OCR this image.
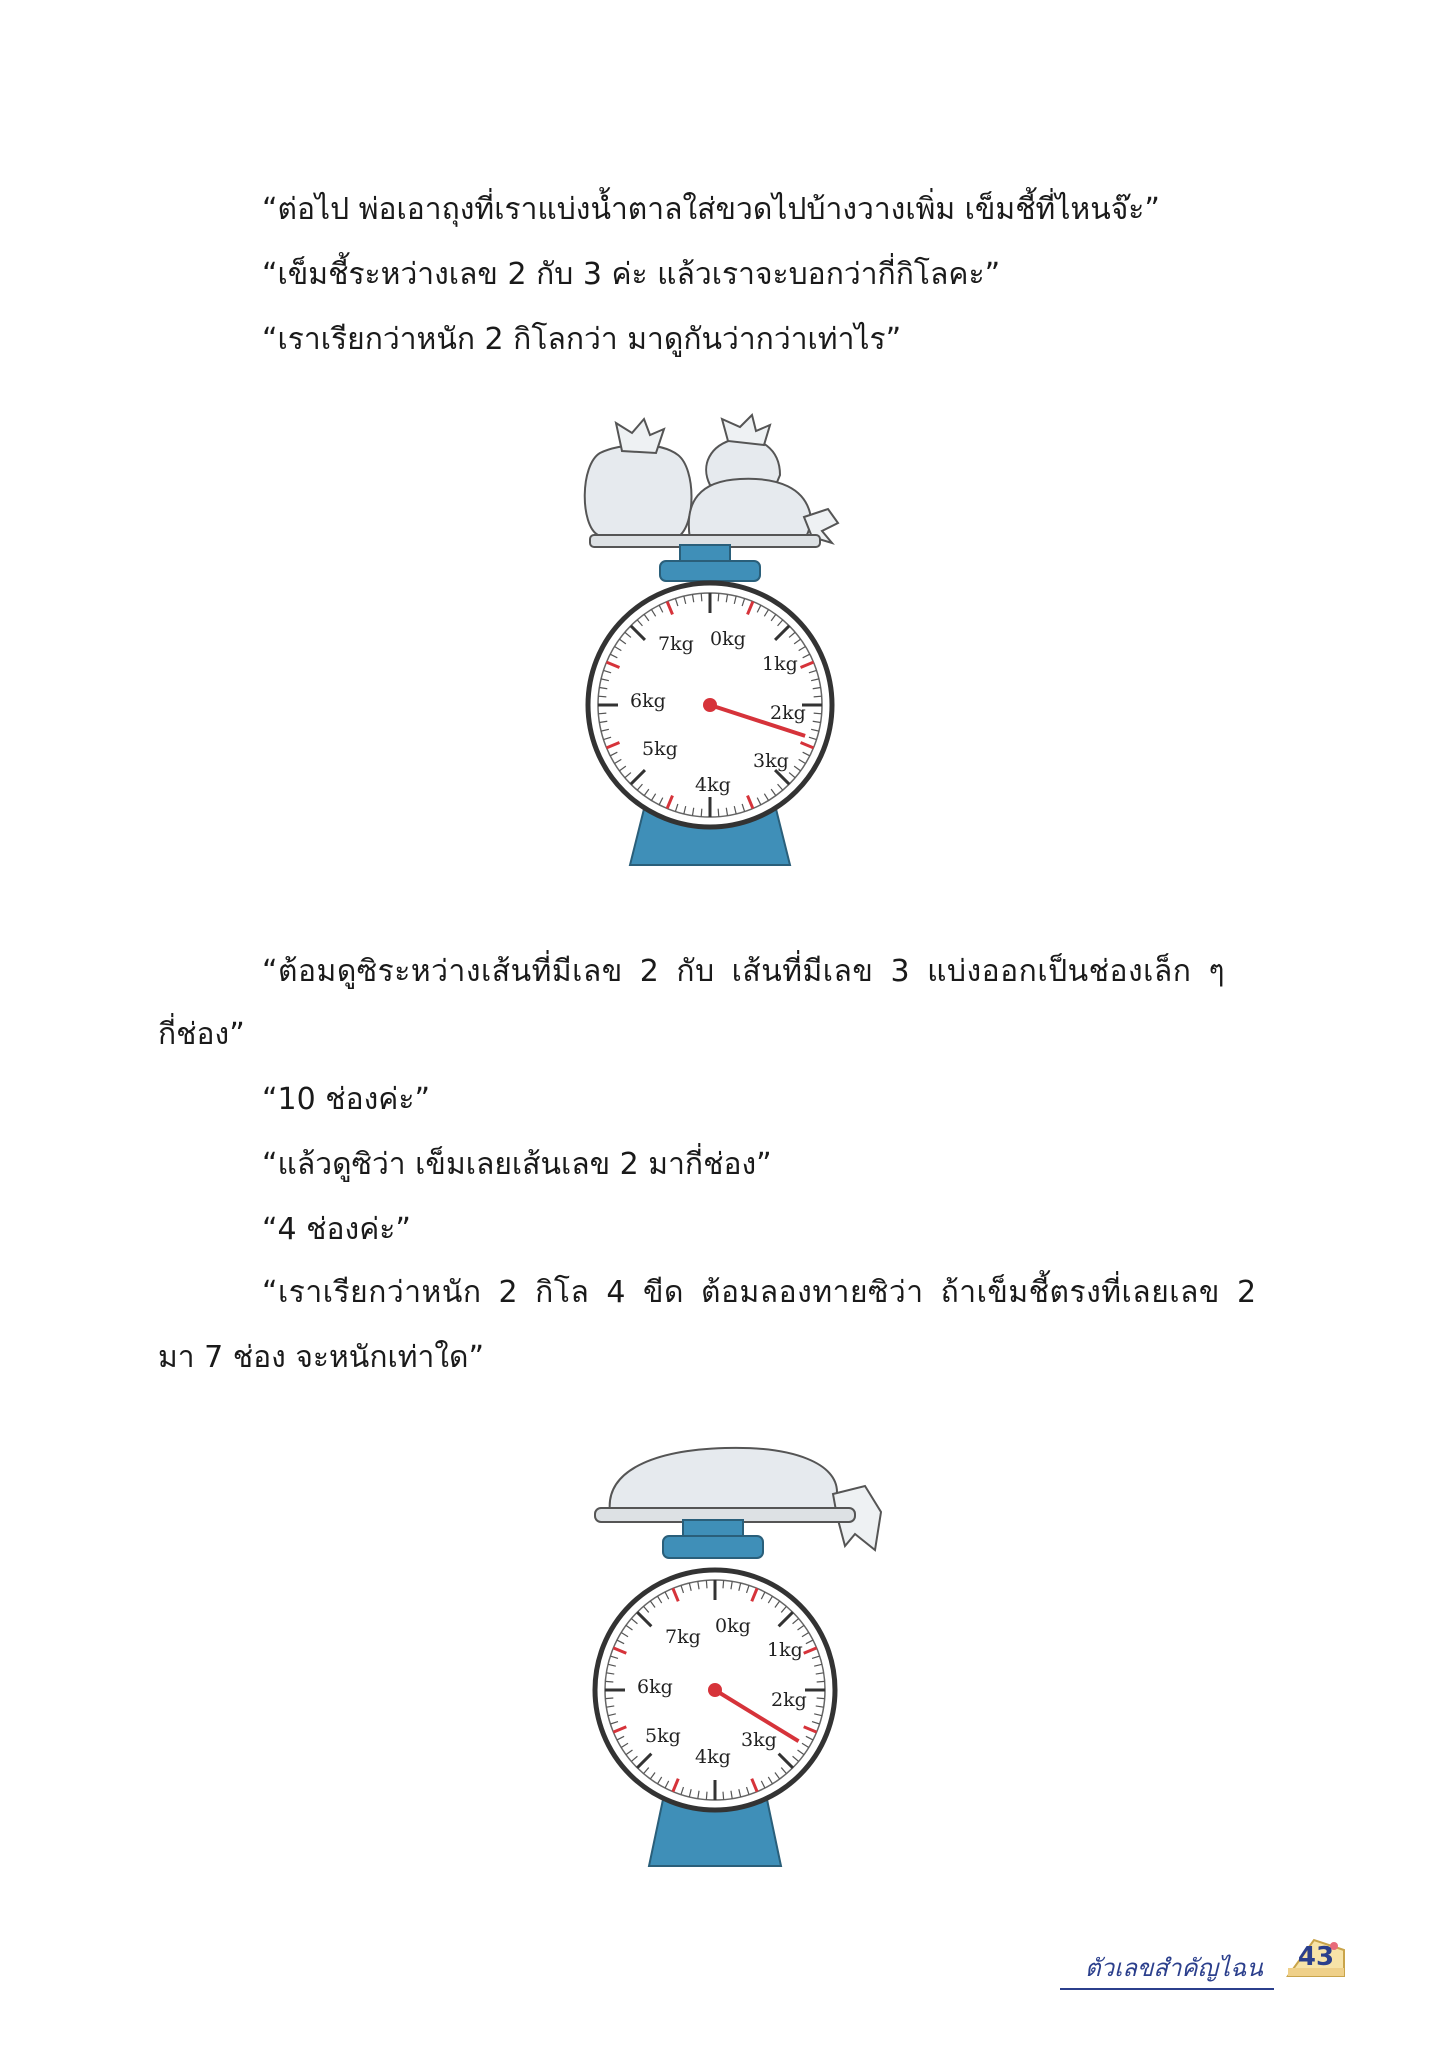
“ต่อไป พ่อเอาถุงที่เราแบ่งน้ำตาลใส่ขวดไปบ้างวางเพิ่ม เข็มชี้ที่ไหนจ๊ะ”
“เข็มชี้ระหว่างเลข 2 กับ 3 ค่ะ แล้วเราจะบอกว่ากี่กิโลคะ”
“เราเรียกว่าหนัก 2 กิโลกว่า มาดูกันว่ากว่าเท่าไร”
0kg
1kg
2kg
3kg
4kg
5kg
6kg
7kg
“ต้อมดูซิระหว่างเส้นที่มีเลข 2 กับ เส้นที่มีเลข 3 แบ่งออกเป็นช่องเล็ก ๆ
กี่ช่อง”
“10 ช่องค่ะ”
“แล้วดูซิว่า เข็มเลยเส้นเลข 2 มากี่ช่อง”
“4 ช่องค่ะ”
“เราเรียกว่าหนัก 2 กิโล 4 ขีด ต้อมลองทายซิว่า ถ้าเข็มชี้ตรงที่เลยเลข 2
มา 7 ช่อง จะหนักเท่าใด”
0kg
1kg
2kg
3kg
4kg
5kg
6kg
7kg
ตัวเลขสำคัญไฉน 43
